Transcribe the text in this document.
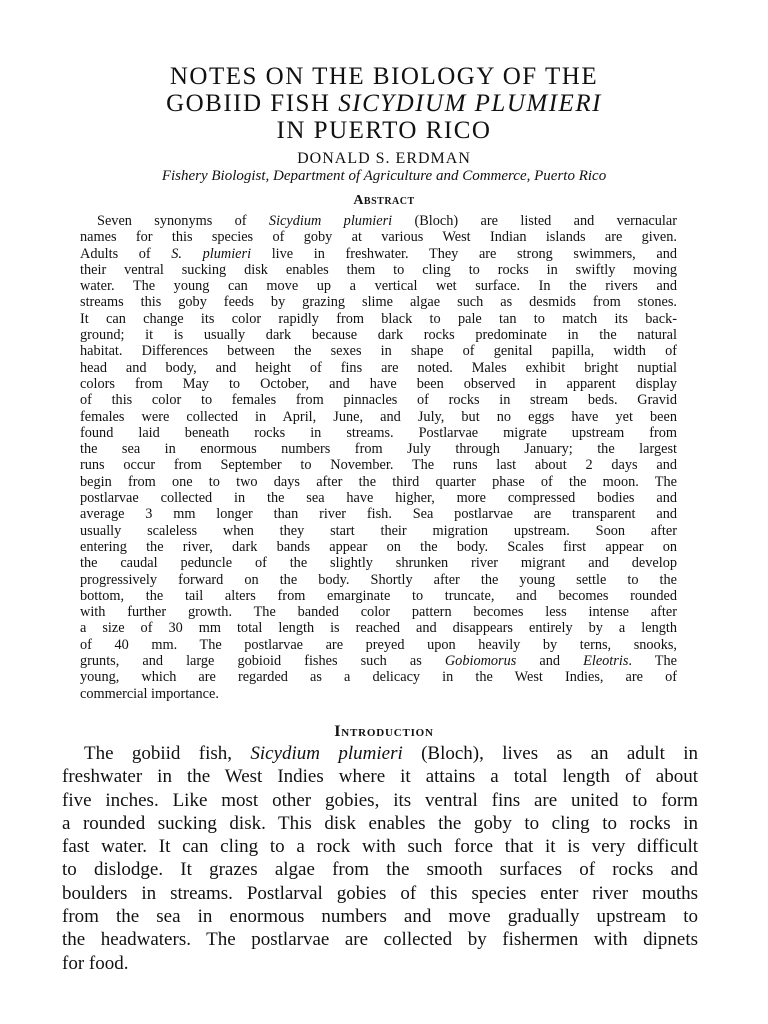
NOTES ON THE BIOLOGY OF THE
GOBIID FISH SICYDIUM PLUMIERI
IN PUERTO RICO

DONALD S. ERDMAN

Fishery Biologist, Department of Agriculture and Commerce, Puerto Rico

Abstract
Seven synonyms of Sicydium plumieri (Bloch) are listed and vernacular
names for this species of goby at various West Indian islands are given.
Adults of S. plumieri live in freshwater. They are strong swimmers, and
their ventral sucking disk enables them to cling to rocks in swiftly moving
water. The young can move up a vertical wet surface. In the rivers and
streams this goby feeds by grazing slime algae such as desmids from stones.
It can change its color rapidly from black to pale tan to match its back-
ground; it is usually dark because dark rocks predominate in the natural
habitat. Differences between the sexes in shape of genital papilla, width of
head and body, and height of fins are noted. Males exhibit bright nuptial
colors from May to October, and have been observed in apparent display
of this color to females from pinnacles of rocks in stream beds. Gravid
females were collected in April, June, and July, but no eggs have yet been
found laid beneath rocks in streams. Postlarvae migrate upstream from
the sea in enormous numbers from July through January; the largest
runs occur from September to November. The runs last about 2 days and
begin from one to two days after the third quarter phase of the moon. The
postlarvae collected in the sea have higher, more compressed bodies and
average 3 mm longer than river fish. Sea postlarvae are transparent and
usually scaleless when they start their migration upstream. Soon after
entering the river, dark bands appear on the body. Scales first appear on
the caudal peduncle of the slightly shrunken river migrant and develop
progressively forward on the body. Shortly after the young settle to the
bottom, the tail alters from emarginate to truncate, and becomes rounded
with further growth. The banded color pattern becomes less intense after
a size of 30 mm total length is reached and disappears entirely by a length
of 40 mm. The postlarvae are preyed upon heavily by terns, snooks,
grunts, and large gobioid fishes such as Gobiomorus and Eleotris. The
young, which are regarded as a delicacy in the West Indies, are of
commercial importance.
Introduction
The gobiid fish, Sicydium plumieri (Bloch), lives as an adult in
freshwater in the West Indies where it attains a total length of about
five inches. Like most other gobies, its ventral fins are united to form
a rounded sucking disk. This disk enables the goby to cling to rocks in
fast water. It can cling to a rock with such force that it is very difficult
to dislodge. It grazes algae from the smooth surfaces of rocks and
boulders in streams. Postlarval gobies of this species enter river mouths
from the sea in enormous numbers and move gradually upstream to
the headwaters. The postlarvae are collected by fishermen with dipnets
for food.
